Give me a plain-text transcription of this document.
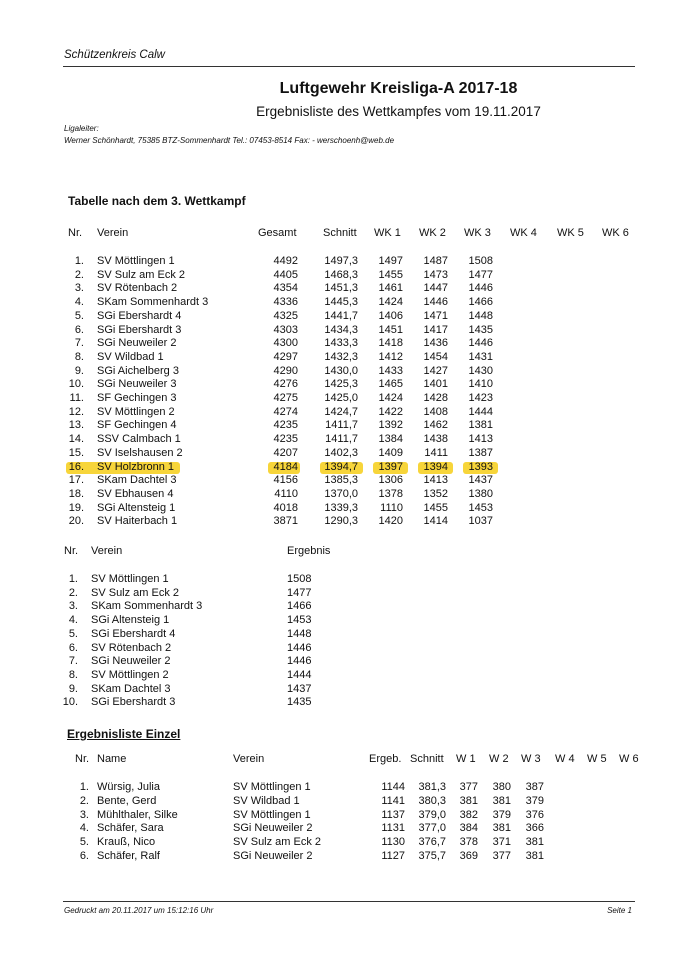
Schützenkreis Calw
Luftgewehr Kreisliga-A 2017-18
Ergebnisliste des Wettkampfes vom 19.11.2017
Ligaleiter:
Werner Schönhardt, 75385 BTZ-Sommenhardt Tel.: 07453-8514 Fax: - werschoenh@web.de
Tabelle nach dem 3. Wettkampf
Nr. Verein	Gesamt Schnitt WK 1 WK 2 WK 3 WK 4 WK 5 WK 6
1. SV Möttlingen 1	4492 1497,3 1497 1487 1508
2. SV Sulz am Eck 2	4405 1468,3 1455 1473 1477
3. SV Rötenbach 2	4354 1451,3 1461 1447 1446
4. SKam Sommenhardt 3	4336 1445,3 1424 1446 1466
5. SGi Ebershardt 4	4325 1441,7 1406 1471 1448
6. SGi Ebershardt 3	4303 1434,3 1451 1417 1435
7. SGi Neuweiler 2	4300 1433,3 1418 1436 1446
8. SV Wildbad 1	4297 1432,3 1412 1454 1431
9. SGi Aichelberg 3	4290 1430,0 1433 1427 1430
10. SGi Neuweiler 3	4276 1425,3 1465 1401 1410
11. SF Gechingen 3	4275 1425,0 1424 1428 1423
12. SV Möttlingen 2	4274 1424,7 1422 1408 1444
13. SF Gechingen 4	4235 1411,7 1392 1462 1381
14. SSV Calmbach 1	4235 1411,7 1384 1438 1413
15. SV Iselshausen 2	4207 1402,3 1409 1411 1387
16. SV Holzbronn 1	4184 1394,7 1397 1394 1393
17. SKam Dachtel 3	4156 1385,3 1306 1413 1437
18. SV Ebhausen 4	4110 1370,0 1378 1352 1380
19. SGi Altensteig 1	4018 1339,3 1110 1455 1453
20. SV Haiterbach 1	3871 1290,3 1420 1414 1037
Nr. Verein	Ergebnis
1. SV Möttlingen 1	1508
2. SV Sulz am Eck 2	1477
3. SKam Sommenhardt 3	1466
4. SGi Altensteig 1	1453
5. SGi Ebershardt 4	1448
6. SV Rötenbach 2	1446
7. SGi Neuweiler 2	1446
8. SV Möttlingen 2	1444
9. SKam Dachtel 3	1437
10. SGi Ebershardt 3	1435
Ergebnisliste Einzel
Nr. Name	Verein	Ergeb. Schnitt W 1 W 2 W 3 W 4 W 5 W 6
1. Würsig, Julia	SV Möttlingen 1	1144 381,3 377 380 387
2. Bente, Gerd	SV Wildbad 1	1141 380,3 381 381 379
3. Mühlthaler, Silke	SV Möttlingen 1	1137 379,0 382 379 376
4. Schäfer, Sara	SGi Neuweiler 2	1131 377,0 384 381 366
5. Krauß, Nico	SV Sulz am Eck 2	1130 376,7 378 371 381
6. Schäfer, Ralf	SGi Neuweiler 2	1127 375,7 369 377 381
Gedruckt am 20.11.2017 um 15:12:16 Uhr	Seite 1
